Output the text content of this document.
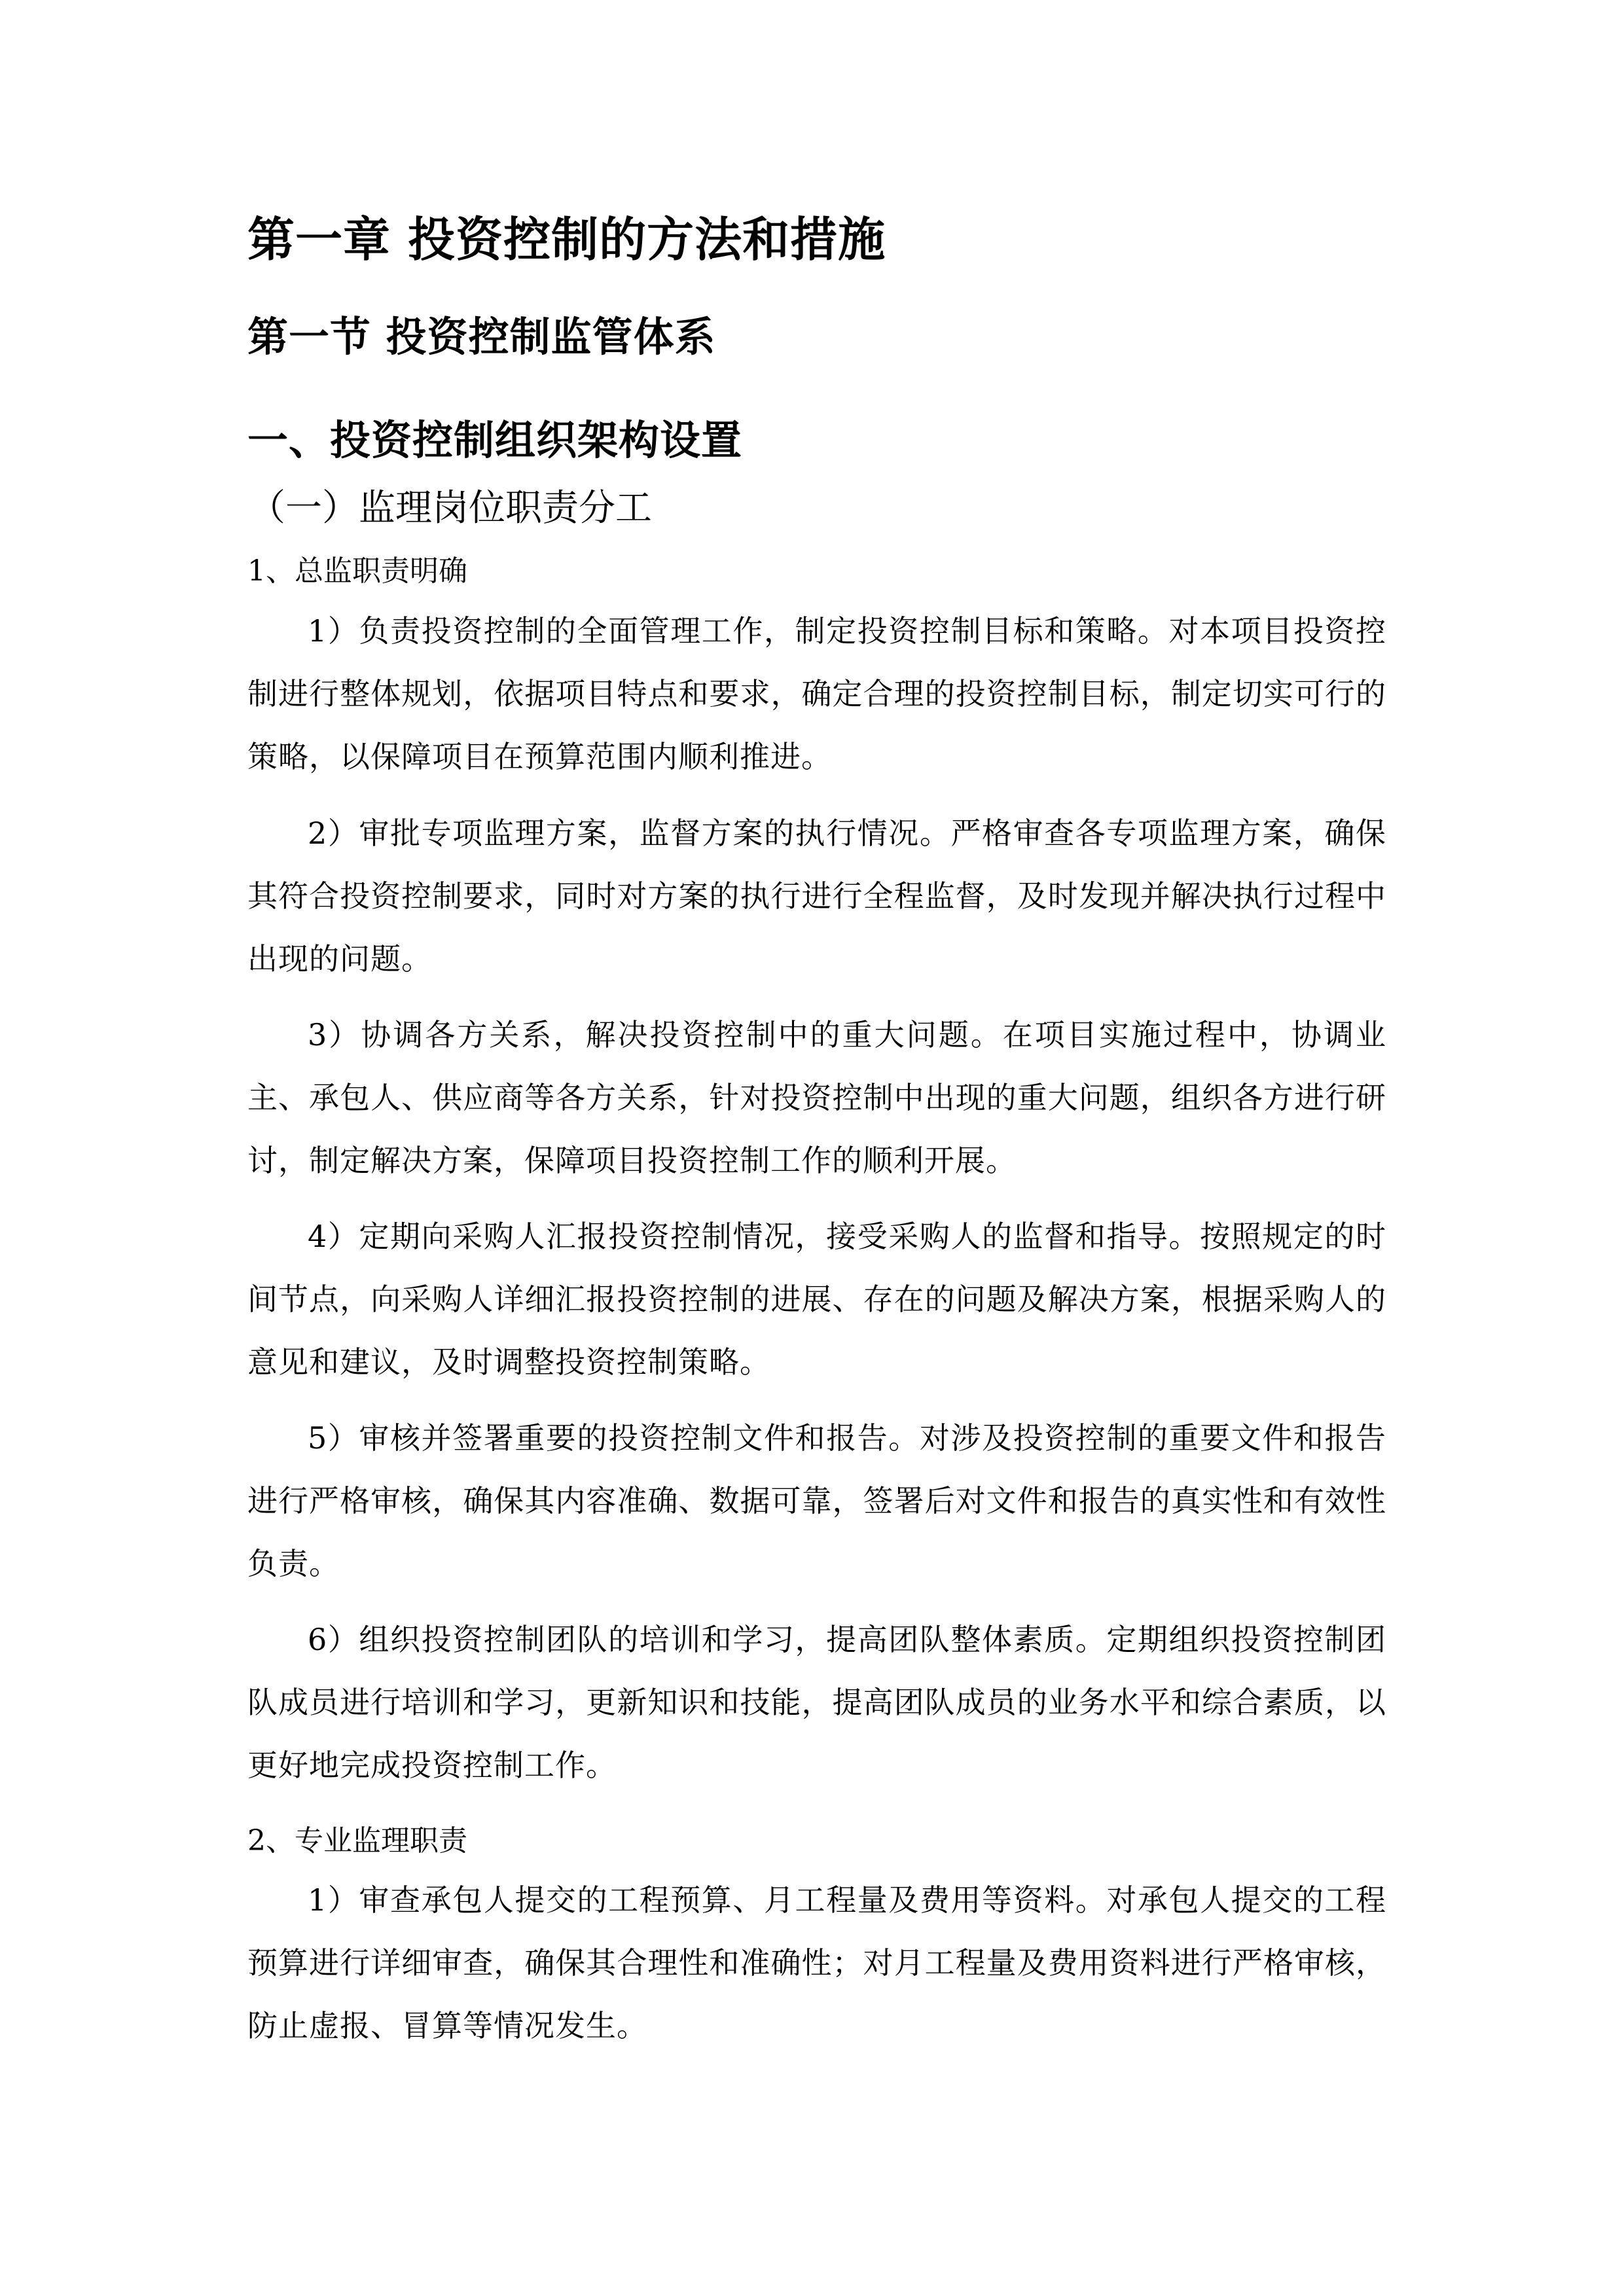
第一章 投资控制的方法和措施
第一节 投资控制监管体系
一、投资控制组织架构设置
（一）监理岗位职责分工
1、总监职责明确

1）负责投资控制的全面管理工作，制定投资控制目标和策略。对本项目投资控制进行整体规划，依据项目特点和要求，确定合理的投资控制目标，制定切实可行的策略，以保障项目在预算范围内顺利推进。

2）审批专项监理方案，监督方案的执行情况。严格审查各专项监理方案，确保其符合投资控制要求，同时对方案的执行进行全程监督，及时发现并解决执行过程中出现的问题。

3）协调各方关系，解决投资控制中的重大问题。在项目实施过程中，协调业主、承包人、供应商等各方关系，针对投资控制中出现的重大问题，组织各方进行研讨，制定解决方案，保障项目投资控制工作的顺利开展。

4）定期向采购人汇报投资控制情况，接受采购人的监督和指导。按照规定的时间节点，向采购人详细汇报投资控制的进展、存在的问题及解决方案，根据采购人的意见和建议，及时调整投资控制策略。

5）审核并签署重要的投资控制文件和报告。对涉及投资控制的重要文件和报告进行严格审核，确保其内容准确、数据可靠，签署后对文件和报告的真实性和有效性负责。

6）组织投资控制团队的培训和学习，提高团队整体素质。定期组织投资控制团队成员进行培训和学习，更新知识和技能，提高团队成员的业务水平和综合素质，以更好地完成投资控制工作。

2、专业监理职责

1）审查承包人提交的工程预算、月工程量及费用等资料。对承包人提交的工程预算进行详细审查，确保其合理性和准确性；对月工程量及费用资料进行严格审核，防止虚报、冒算等情况发生。
